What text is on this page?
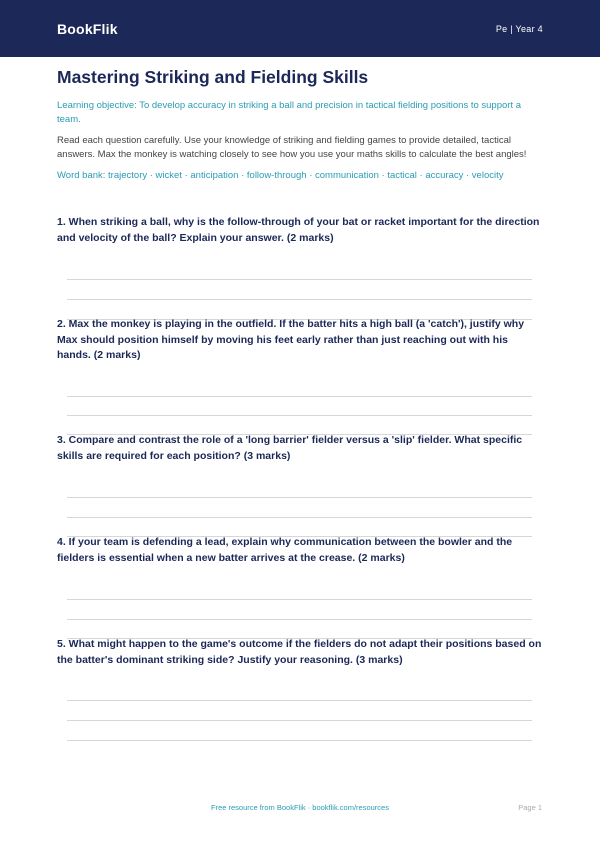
BookFlik	Pe | Year 4
Mastering Striking and Fielding Skills
Learning objective: To develop accuracy in striking a ball and precision in tactical fielding positions to support a team.
Read each question carefully. Use your knowledge of striking and fielding games to provide detailed, tactical answers. Max the monkey is watching closely to see how you use your maths skills to calculate the best angles!
Word bank: trajectory · wicket · anticipation · follow-through · communication · tactical · accuracy · velocity
1. When striking a ball, why is the follow-through of your bat or racket important for the direction and velocity of the ball? Explain your answer. (2 marks)
2. Max the monkey is playing in the outfield. If the batter hits a high ball (a 'catch'), justify why Max should position himself by moving his feet early rather than just reaching out with his hands. (2 marks)
3. Compare and contrast the role of a 'long barrier' fielder versus a 'slip' fielder. What specific skills are required for each position? (3 marks)
4. If your team is defending a lead, explain why communication between the bowler and the fielders is essential when a new batter arrives at the crease. (2 marks)
5. What might happen to the game's outcome if the fielders do not adapt their positions based on the batter's dominant striking side? Justify your reasoning. (3 marks)
Free resource from BookFlik · bookflik.com/resources	Page 1
